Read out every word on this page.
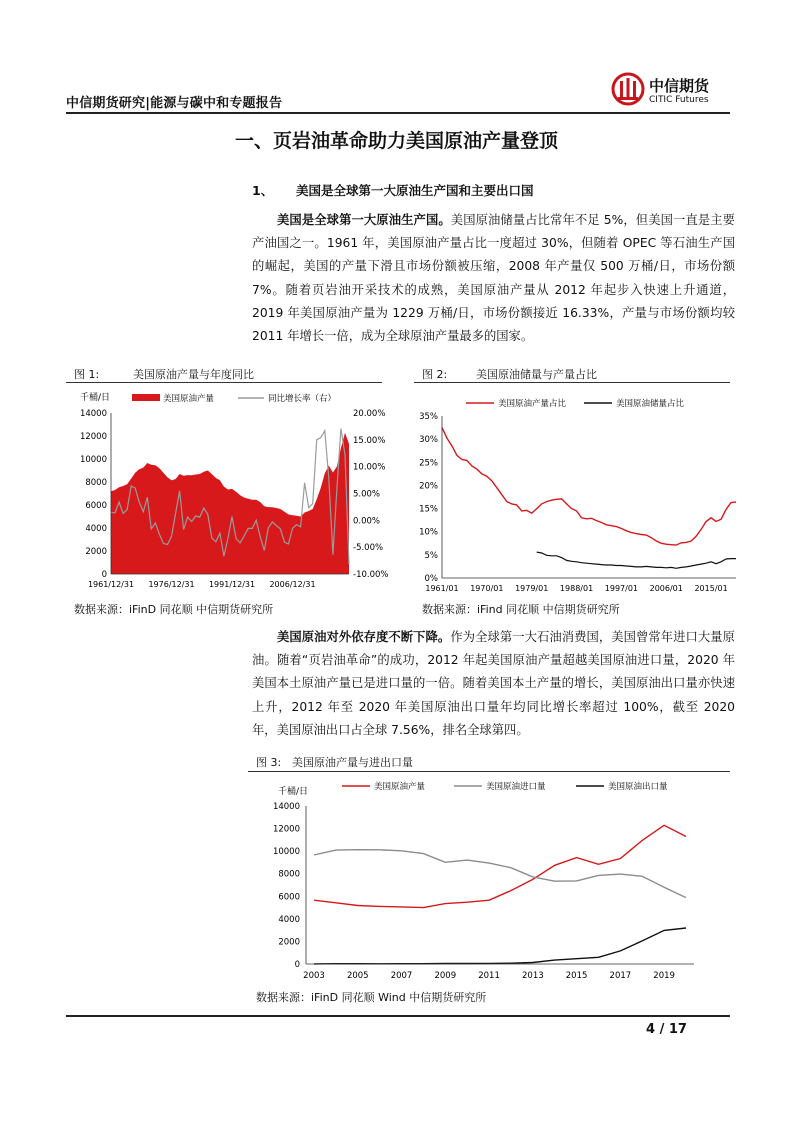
中信期货研究|能源与碳中和专题报告
中信期货
CITIC Futures
一、页岩油革命助力美国原油产量登顶
1、 美国是全球第一大原油生产国和主要出口国
美国是全球第一大原油生产国。美国原油储量占比常年不足 5%，但美国一直是主要产油国之一。1961 年，美国原油产量占比一度超过 30%，但随着 OPEC 等石油生产国的崛起，美国的产量下滑且市场份额被压缩，2008 年产量仅 500 万桶/日，市场份额 7%。随着页岩油开采技术的成熟，美国原油产量从 2012 年起步入快速上升通道，2019 年美国原油产量为 1229 万桶/日，市场份额接近 16.33%，产量与市场份额均较 2011 年增长一倍，成为全球原油产量最多的国家。
图 1:	美国原油产量与年度同比
0
2000
4000
6000
8000
10000
12000
14000
-10.00%
-5.00%
0.00%
5.00%
10.00%
15.00%
20.00%
1961/12/31 1976/12/31 1991/12/31 2006/12/31
千桶/日	美国原油产量	同比增长率（右）
数据来源：iFinD 同花顺 中信期货研究所
图 2:	美国原油储量与产量占比
0%
5%
10%
15%
20%
25%
30%
35%
1961/01 1970/01 1979/01 1988/01 1997/01 2006/01 2015/01
美国原油产量占比	美国原油储量占比
数据来源：iFind 同花顺 中信期货研究所
美国原油对外依存度不断下降。作为全球第一大石油消费国，美国曾常年进口大量原油。随着“页岩油革命”的成功，2012 年起美国原油产量超越美国原油进口量，2020 年美国本土原油产量已是进口量的一倍。随着美国本土产量的增长，美国原油出口量亦快速上升，2012 年至 2020 年美国原油出口量年均同比增长率超过 100%，截至 2020 年，美国原油出口占全球 7.56%，排名全球第四。
图 3: 美国原油产量与进出口量
0
2000
4000
6000
8000
10000
12000
14000
2003	2005	2007	2009	2011	2013	2015	2017	2019
千桶/日	美国原油产量	美国原油进口量	美国原油出口量
数据来源：iFinD 同花顺 Wind 中信期货研究所
4 / 17
